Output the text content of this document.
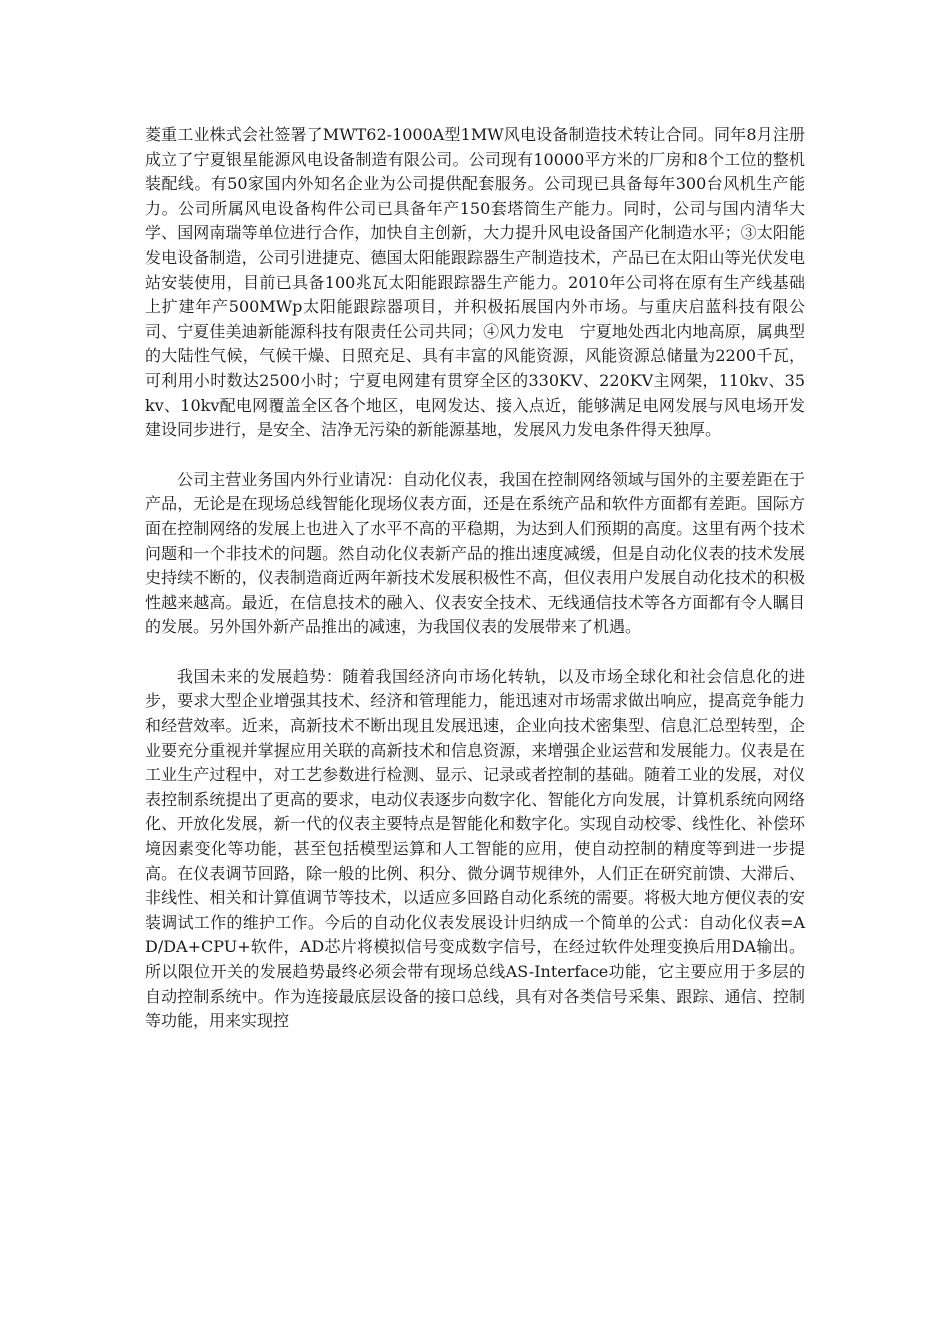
菱重工业株式会社签署了MWT62-1000A型1MW风电设备制造技术转让合同。同年8月注册成立了宁夏银星能源风电设备制造有限公司。公司现有10000平方米的厂房和8个工位的整机装配线。有50家国内外知名企业为公司提供配套服务。公司现已具备每年300台风机生产能力。公司所属风电设备构件公司已具备年产150套塔筒生产能力。同时，公司与国内清华大学、国网南瑞等单位进行合作，加快自主创新，大力提升风电设备国产化制造水平；③太阳能发电设备制造，公司引进捷克、德国太阳能跟踪器生产制造技术，产品已在太阳山等光伏发电站安装使用，目前已具备100兆瓦太阳能跟踪器生产能力。2010年公司将在原有生产线基础上扩建年产500MWp太阳能跟踪器项目，并积极拓展国内外市场。与重庆启蓝科技有限公司、宁夏佳美迪新能源科技有限责任公司共同；④风力发电　宁夏地处西北内地高原，属典型的大陆性气候，气候干燥、日照充足、具有丰富的风能资源，风能资源总储量为2200千瓦，可利用小时数达2500小时；宁夏电网建有贯穿全区的330KV、220KV主网架，110kv、35kv、10kv配电网覆盖全区各个地区，电网发达、接入点近，能够满足电网发展与风电场开发建设同步进行，是安全、洁净无污染的新能源基地，发展风力发电条件得天独厚。

公司主营业务国内外行业请况：自动化仪表，我国在控制网络领域与国外的主要差距在于产品，无论是在现场总线智能化现场仪表方面，还是在系统产品和软件方面都有差距。国际方面在控制网络的发展上也进入了水平不高的平稳期，为达到人们预期的高度。这里有两个技术问题和一个非技术的问题。然自动化仪表新产品的推出速度减缓，但是自动化仪表的技术发展史持续不断的，仪表制造商近两年新技术发展积极性不高，但仪表用户发展自动化技术的积极性越来越高。最近，在信息技术的融入、仪表安全技术、无线通信技术等各方面都有令人瞩目的发展。另外国外新产品推出的减速，为我国仪表的发展带来了机遇。

我国未来的发展趋势：随着我国经济向市场化转轨，以及市场全球化和社会信息化的进步，要求大型企业增强其技术、经济和管理能力，能迅速对市场需求做出响应，提高竞争能力和经营效率。近来，高新技术不断出现且发展迅速，企业向技术密集型、信息汇总型转型，企业要充分重视并掌握应用关联的高新技术和信息资源，来增强企业运营和发展能力。仪表是在工业生产过程中，对工艺参数进行检测、显示、记录或者控制的基础。随着工业的发展，对仪表控制系统提出了更高的要求，电动仪表逐步向数字化、智能化方向发展，计算机系统向网络化、开放化发展，新一代的仪表主要特点是智能化和数字化。实现自动校零、线性化、补偿环境因素变化等功能，甚至包括模型运算和人工智能的应用，使自动控制的精度等到进一步提高。在仪表调节回路，除一般的比例、积分、微分调节规律外，人们正在研究前馈、大滞后、非线性、相关和计算值调节等技术，以适应多回路自动化系统的需要。将极大地方便仪表的安装调试工作的维护工作。今后的自动化仪表发展设计归纳成一个简单的公式：自动化仪表=AD/DA+CPU+软件，AD芯片将模拟信号变成数字信号，在经过软件处理变换后用DA输出。所以限位开关的发展趋势最终必须会带有现场总线AS-Interface功能，它主要应用于多层的自动控制系统中。作为连接最底层设备的接口总线，具有对各类信号采集、跟踪、通信、控制等功能，用来实现控
